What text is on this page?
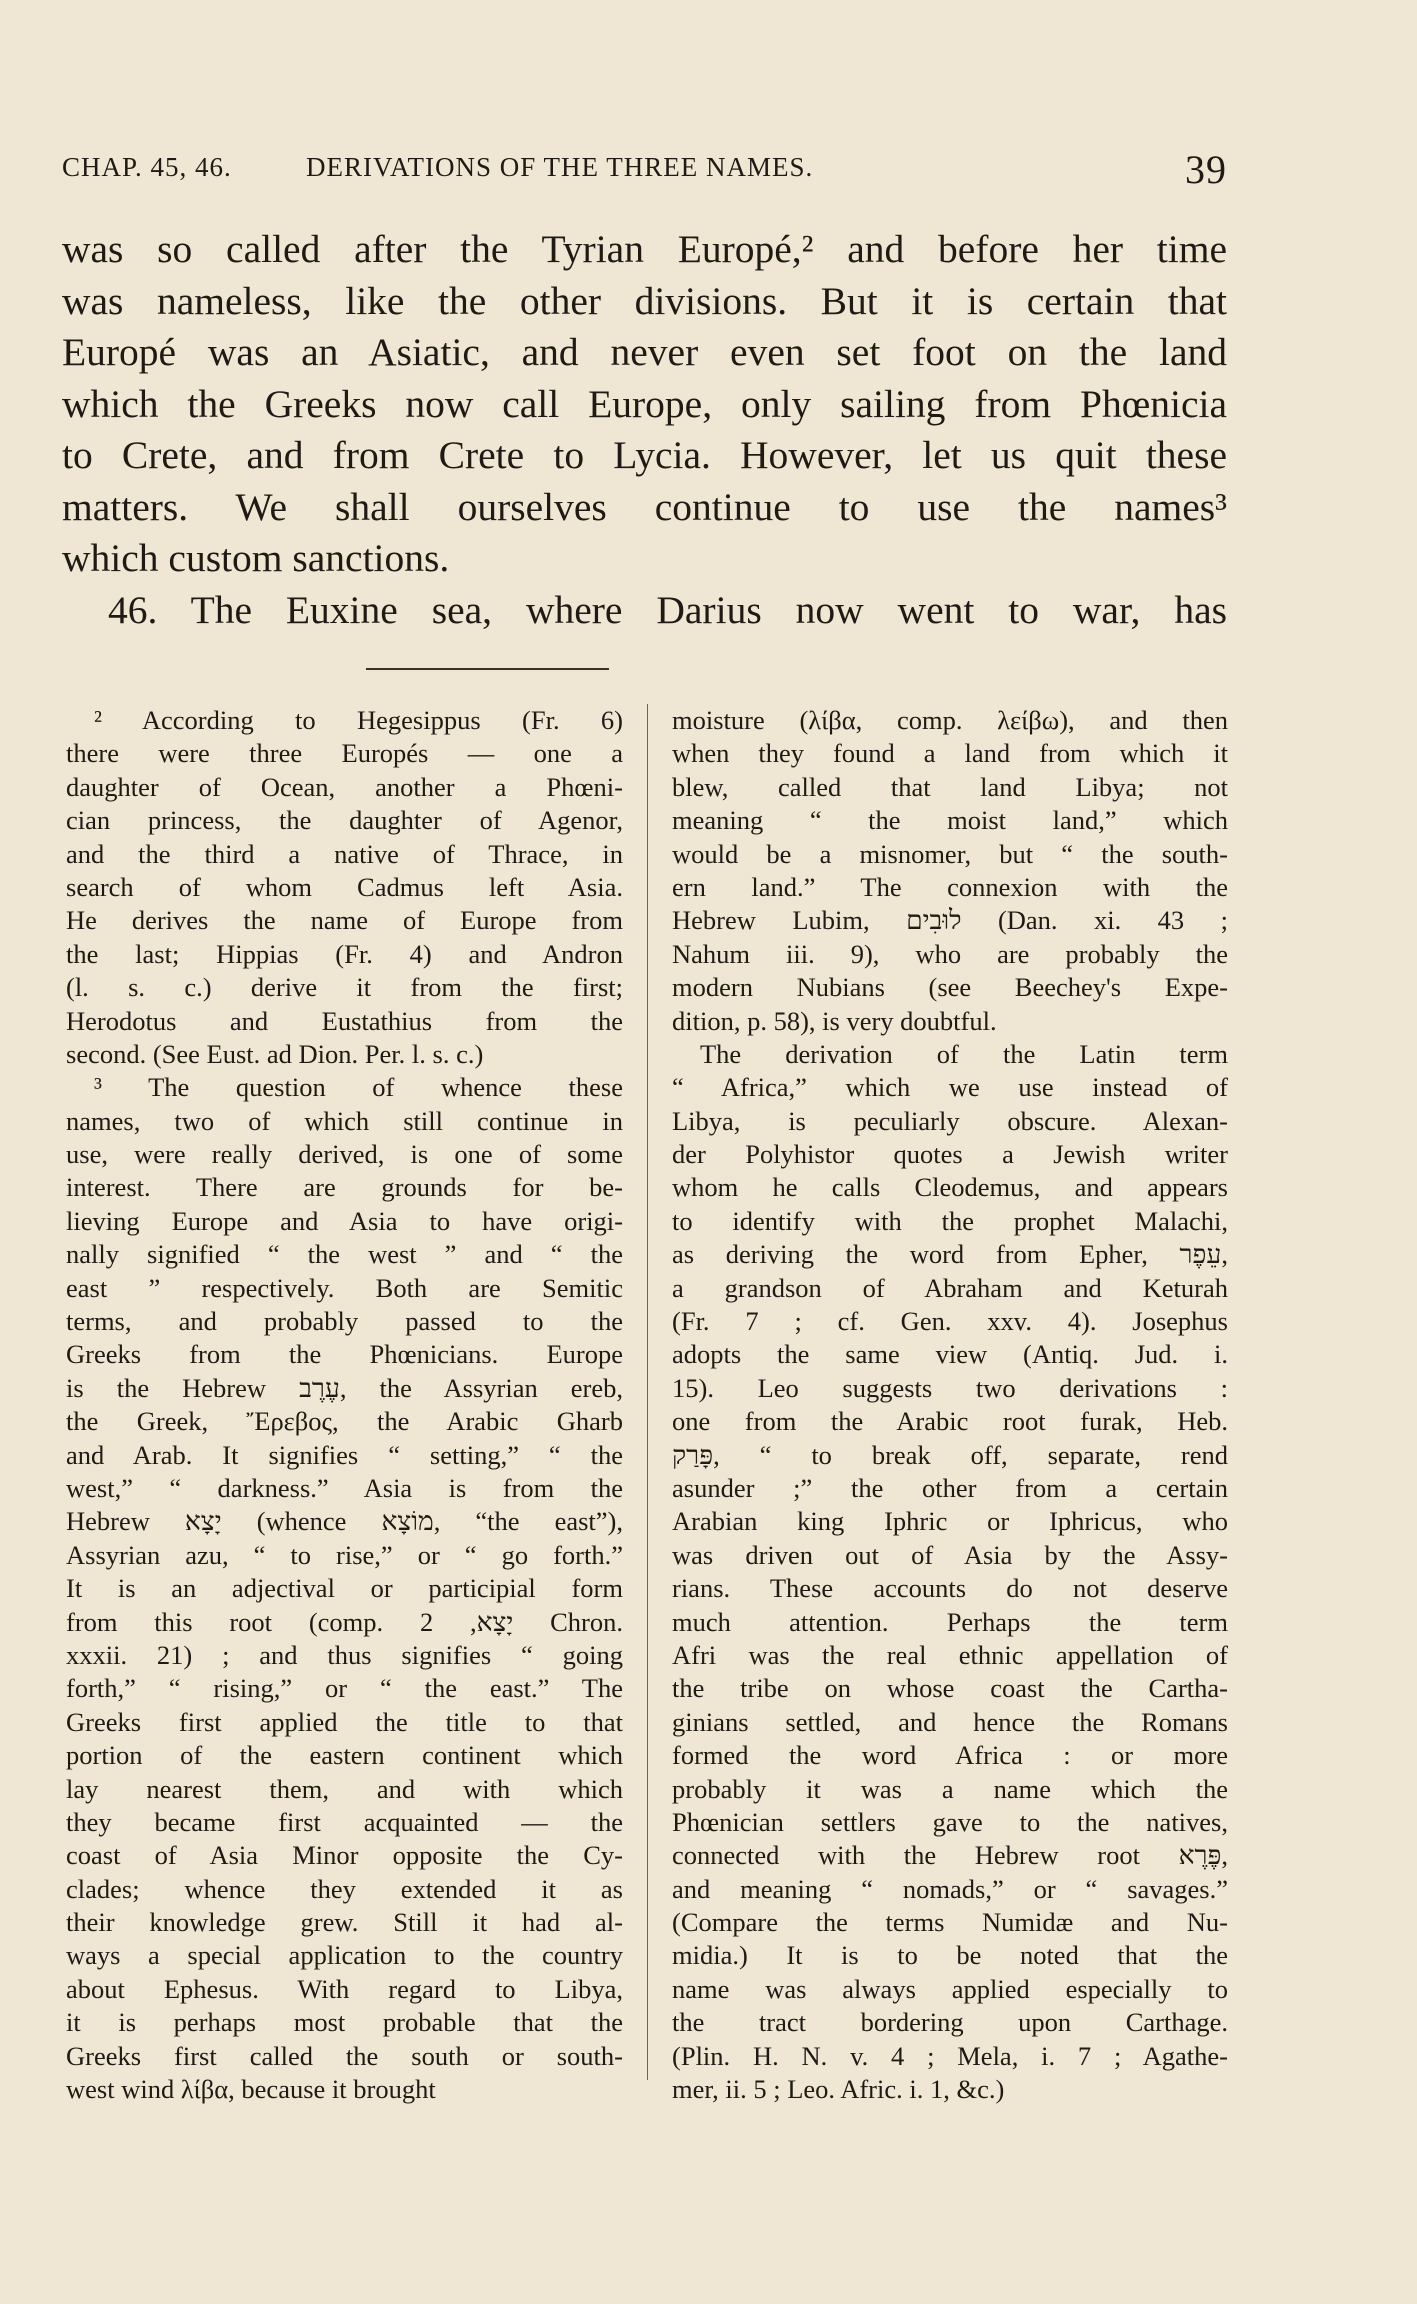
CHAP. 45, 46.	DERIVATIONS OF THE THREE NAMES.	39
was so called after the Tyrian Europé,² and before her time
was nameless, like the other divisions. But it is certain that
Europé was an Asiatic, and never even set foot on the land
which the Greeks now call Europe, only sailing from Phœnicia
to Crete, and from Crete to Lycia. However, let us quit these
matters. We shall ourselves continue to use the names³
which custom sanctions.
46. The Euxine sea, where Darius now went to war, has
² According to Hegesippus (Fr. 6)
there were three Europés — one a
daughter of Ocean, another a Phœni-
cian princess, the daughter of Agenor,
and the third a native of Thrace, in
search of whom Cadmus left Asia.
He derives the name of Europe from
the last; Hippias (Fr. 4) and Andron
(l. s. c.) derive it from the first;
Herodotus and Eustathius from the
second. (See Eust. ad Dion. Per. l. s. c.)
³ The question of whence these
names, two of which still continue in
use, were really derived, is one of some
interest. There are grounds for be-
lieving Europe and Asia to have origi-
nally signified “ the west ” and “ the
east ” respectively. Both are Semitic
terms, and probably passed to the
Greeks from the Phœnicians. Europe
is the Hebrew עֶרֶב, the Assyrian ereb,
the Greek, Ἔρεβος, the Arabic Gharb
and Arab. It signifies “ setting,” “ the
west,” “ darkness.” Asia is from the
Hebrew יָצָא (whence מוֹצָא, “the east”),
Assyrian azu, “ to rise,” or “ go forth.”
It is an adjectival or participial form
from this root (comp. יָצָא, 2 Chron.
xxxii. 21) ; and thus signifies “ going
forth,” “ rising,” or “ the east.” The
Greeks first applied the title to that
portion of the eastern continent which
lay nearest them, and with which
they became first acquainted — the
coast of Asia Minor opposite the Cy-
clades; whence they extended it as
their knowledge grew. Still it had al-
ways a special application to the country
about Ephesus. With regard to Libya,
it is perhaps most probable that the
Greeks first called the south or south-
west wind λίβα, because it brought
moisture (λίβα, comp. λείβω), and then
when they found a land from which it
blew, called that land Libya; not
meaning “ the moist land,” which
would be a misnomer, but “ the south-
ern land.” The connexion with the
Hebrew Lubim, לוּבִים (Dan. xi. 43 ;
Nahum iii. 9), who are probably the
modern Nubians (see Beechey's Expe-
dition, p. 58), is very doubtful.
The derivation of the Latin term
“ Africa,” which we use instead of
Libya, is peculiarly obscure. Alexan-
der Polyhistor quotes a Jewish writer
whom he calls Cleodemus, and appears
to identify with the prophet Malachi,
as deriving the word from Epher, עֵפֶר,
a grandson of Abraham and Keturah
(Fr. 7 ; cf. Gen. xxv. 4). Josephus
adopts the same view (Antiq. Jud. i.
15). Leo suggests two derivations :
one from the Arabic root furak, Heb.
פָּרַק, “ to break off, separate, rend
asunder ;” the other from a certain
Arabian king Iphric or Iphricus, who
was driven out of Asia by the Assy-
rians. These accounts do not deserve
much attention. Perhaps the term
Afri was the real ethnic appellation of
the tribe on whose coast the Cartha-
ginians settled, and hence the Romans
formed the word Africa : or more
probably it was a name which the
Phœnician settlers gave to the natives,
connected with the Hebrew root פֶּרֶא,
and meaning “ nomads,” or “ savages.”
(Compare the terms Numidæ and Nu-
midia.) It is to be noted that the
name was always applied especially to
the tract bordering upon Carthage.
(Plin. H. N. v. 4 ; Mela, i. 7 ; Agathe-
mer, ii. 5 ; Leo. Afric. i. 1, &c.)
